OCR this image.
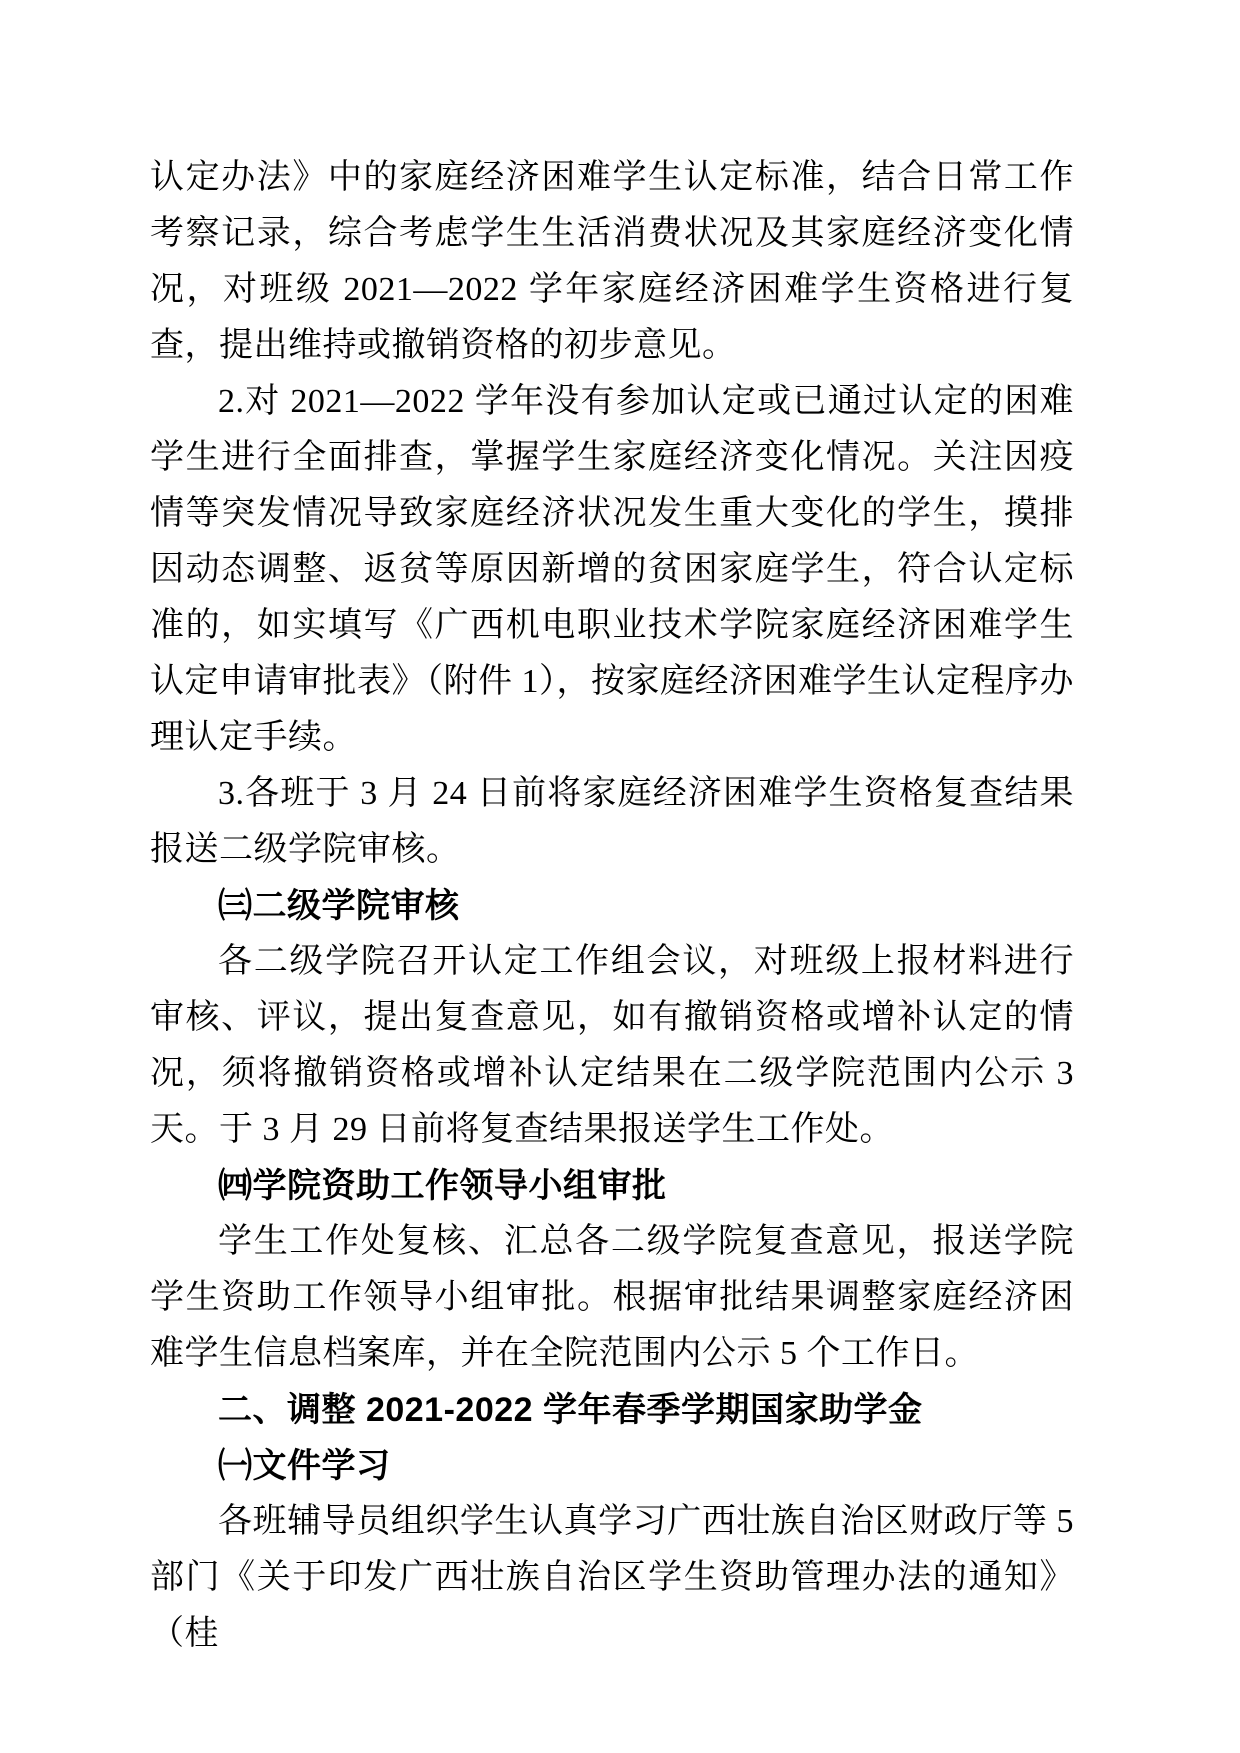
认定办法》中的家庭经济困难学生认定标准，结合日常工作考察记录，综合考虑学生生活消费状况及其家庭经济变化情况，对班级 2021—2022 学年家庭经济困难学生资格进行复查，提出维持或撤销资格的初步意见。

2.对 2021—2022 学年没有参加认定或已通过认定的困难学生进行全面排查，掌握学生家庭经济变化情况。关注因疫情等突发情况导致家庭经济状况发生重大变化的学生，摸排因动态调整、返贫等原因新增的贫困家庭学生，符合认定标准的，如实填写《广西机电职业技术学院家庭经济困难学生认定申请审批表》（附件 1），按家庭经济困难学生认定程序办理认定手续。

3.各班于 3 月 24 日前将家庭经济困难学生资格复查结果报送二级学院审核。

㈢二级学院审核

各二级学院召开认定工作组会议，对班级上报材料进行审核、评议，提出复查意见，如有撤销资格或增补认定的情况，须将撤销资格或增补认定结果在二级学院范围内公示 3 天。于 3 月 29 日前将复查结果报送学生工作处。

㈣学院资助工作领导小组审批

学生工作处复核、汇总各二级学院复查意见，报送学院学生资助工作领导小组审批。根据审批结果调整家庭经济困难学生信息档案库，并在全院范围内公示 5 个工作日。

二、调整 2021-2022 学年春季学期国家助学金

㈠文件学习

各班辅导员组织学生认真学习广西壮族自治区财政厅等 5 部门《关于印发广西壮族自治区学生资助管理办法的通知》（桂
